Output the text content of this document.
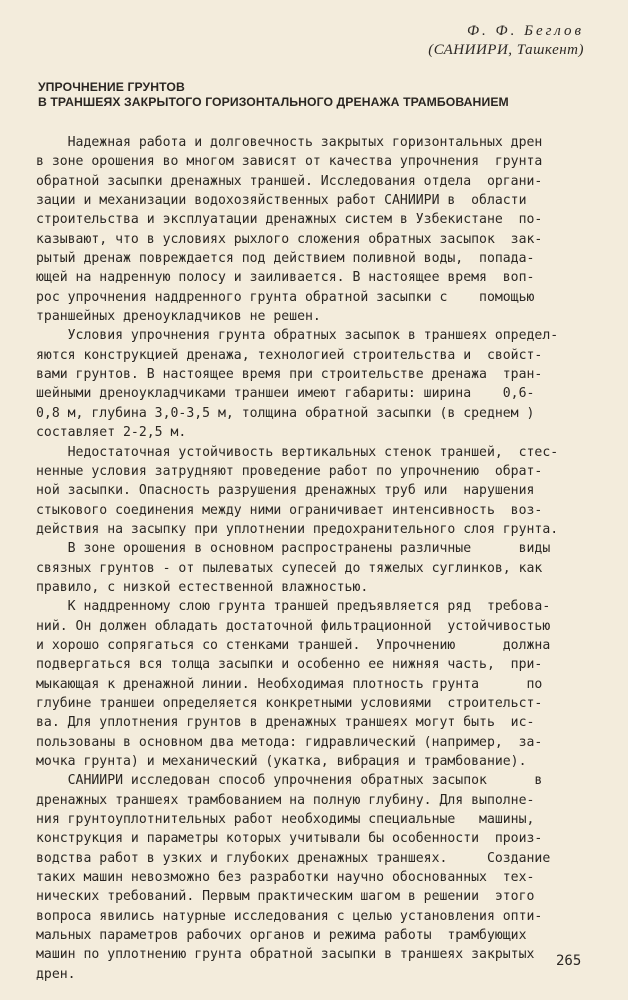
Ф. Ф. Беглов
(САНИИРИ, Ташкент)
УПРОЧНЕНИЕ ГРУНТОВ
В ТРАНШЕЯХ ЗАКРЫТОГО ГОРИЗОНТАЛЬНОГО ДРЕНАЖА ТРАМБОВАНИЕМ
Надежная работа и долговечность закрытых горизонтальных дрен
в зоне орошения во многом зависят от качества упрочнения  грунта
обратной засыпки дренажных траншей. Исследования отдела  органи-
зации и механизации водохозяйственных работ САНИИРИ в  области
строительства и эксплуатации дренажных систем в Узбекистане  по-
казывают, что в условиях рыхлого сложения обратных засыпок  зак-
рытый дренаж повреждается под действием поливной воды,  попада-
ющей на надренную полосу и заиливается. В настоящее время  воп-
рос упрочнения наддренного грунта обратной засыпки с    помощью
траншейных дреноукладчиков не решен.
Условия упрочнения грунта обратных засыпок в траншеях определ-
яются конструкцией дренажа, технологией строительства и  свойст-
вами грунтов. В настоящее время при строительстве дренажа  тран-
шейными дреноукладчиками траншеи имеют габариты: ширина    0,6-
0,8 м, глубина 3,0-3,5 м, толщина обратной засыпки (в среднем )
составляет 2-2,5 м.
Недостаточная устойчивость вертикальных стенок траншей,  стес-
ненные условия затрудняют проведение работ по упрочнению  обрат-
ной засыпки. Опасность разрушения дренажных труб или  нарушения
стыкового соединения между ними ограничивает интенсивность  воз-
действия на засыпку при уплотнении предохранительного слоя грунта.
В зоне орошения в основном распространены различные      виды
связных грунтов - от пылеватых супесей до тяжелых суглинков, как
правило, с низкой естественной влажностью.
К наддренному слою грунта траншей предъявляется ряд  требова-
ний. Он должен обладать достаточной фильтрационной  устойчивостью
и хорошо сопрягаться со стенками траншей.  Упрочнению      должна
подвергаться вся толща засыпки и особенно ее нижняя часть,  при-
мыкающая к дренажной линии. Необходимая плотность грунта      по
глубине траншеи определяется конкретными условиями  строительст-
ва. Для уплотнения грунтов в дренажных траншеях могут быть  ис-
пользованы в основном два метода: гидравлический (например,  за-
мочка грунта) и механический (укатка, вибрация и трамбование).
САНИИРИ исследован способ упрочнения обратных засыпок      в
дренажных траншеях трамбованием на полную глубину. Для выполне-
ния грунтоуплотнительных работ необходимы специальные   машины,
конструкция и параметры которых учитывали бы особенности  произ-
водства работ в узких и глубоких дренажных траншеях.     Создание
таких машин невозможно без разработки научно обоснованных  тех-
нических требований. Первым практическим шагом в решении  этого
вопроса явились натурные исследования с целью установления опти-
мальных параметров рабочих органов и режима работы  трамбующих
машин по уплотнению грунта обратной засыпки в траншеях закрытых
дрен.
265
